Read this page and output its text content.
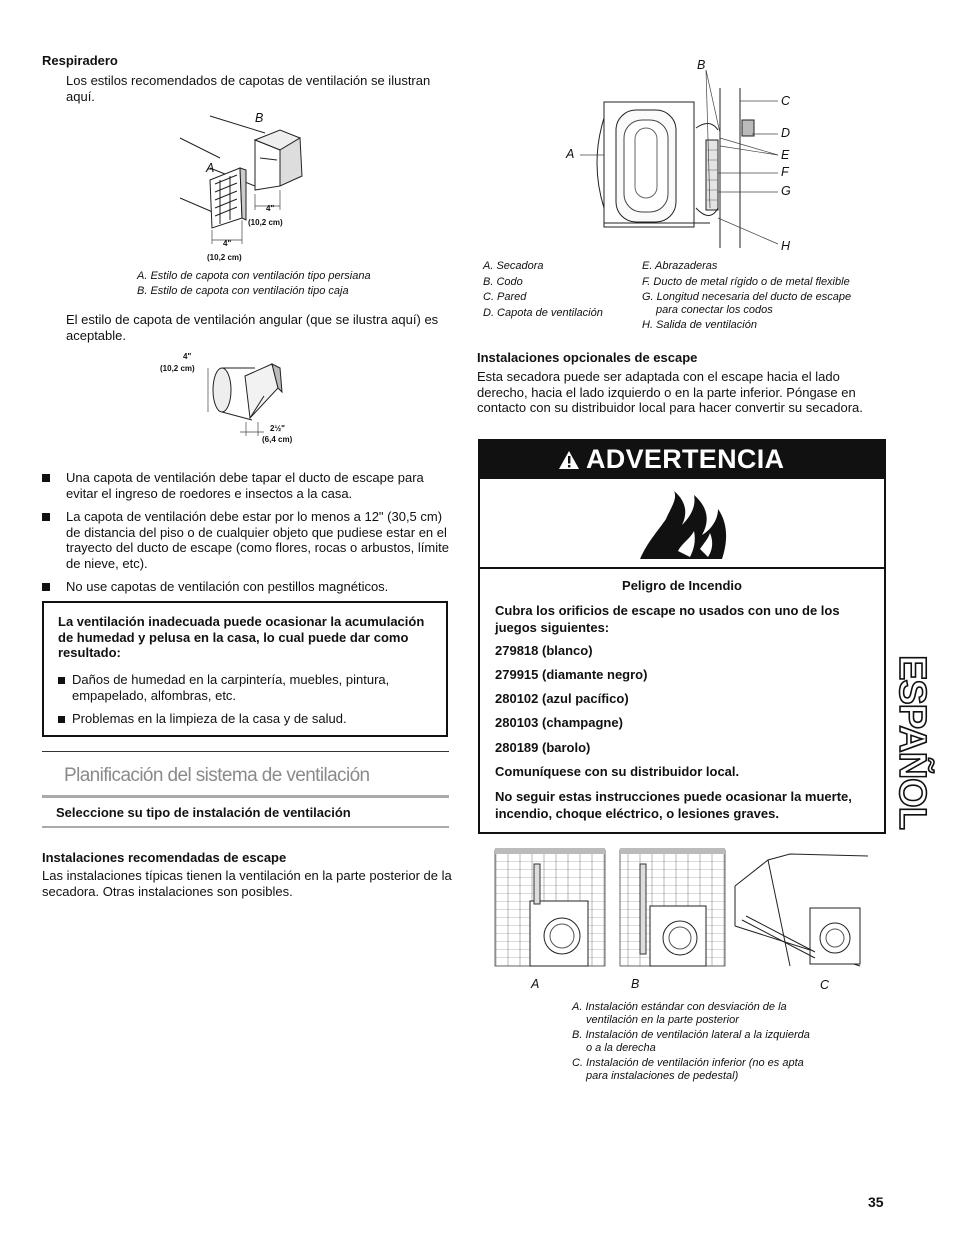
Respiradero
Los estilos recomendados de capotas de ventilación se ilustran aquí.
B
A
4"
(10,2 cm)
4"
(10,2 cm)
A. Estilo de capota con ventilación tipo persiana
B. Estilo de capota con ventilación tipo caja
El estilo de capota de ventilación angular (que se ilustra aquí) es aceptable.
4"
(10,2 cm)
2½"
(6,4 cm)
Una capota de ventilación debe tapar el ducto de escape para evitar el ingreso de roedores e insectos a la casa.
La capota de ventilación debe estar por lo menos a 12" (30,5 cm) de distancia del piso o de cualquier objeto que pudiese estar en el trayecto del ducto de escape (como flores, rocas o arbustos, límite de nieve, etc).
No use capotas de ventilación con pestillos magnéticos.
La ventilación inadecuada puede ocasionar la acumulación de humedad y pelusa en la casa, lo cual puede dar como resultado:
Daños de humedad en la carpintería, muebles, pintura, empapelado, alfombras, etc.
Problemas en la limpieza de la casa y de salud.
Planificación del sistema de ventilación
Seleccione su tipo de instalación de ventilación
Instalaciones recomendadas de escape
Las instalaciones típicas tienen la ventilación en la parte posterior de la secadora. Otras instalaciones son posibles.
B
C
D
E
F
G
H
A
A. Secadora
B. Codo
C. Pared
D. Capota de ventilación
E. Abrazaderas
F. Ducto de metal rígido o de metal flexible
G. Longitud necesaria del ducto de escape
para conectar los codos
H. Salida de ventilación
Instalaciones opcionales de escape
Esta secadora puede ser adaptada con el escape hacia el lado derecho, hacia el lado izquierdo o en la parte inferior. Póngase en contacto con su distribuidor local para hacer convertir su secadora.
ADVERTENCIA
Peligro de Incendio
Cubra los orificios de escape no usados con uno de los juegos siguientes:
279818 (blanco)
279915 (diamante negro)
280102 (azul pacífico)
280103 (champagne)
280189 (barolo)
Comuníquese con su distribuidor local.
No seguir estas instrucciones puede ocasionar la muerte, incendio, choque eléctrico, o lesiones graves.
A	B	C
A. Instalación estándar con desviación de la
ventilación en la parte posterior
B. Instalación de ventilación lateral a la izquierda
o a la derecha
C. Instalación de ventilación inferior (no es apta
para instalaciones de pedestal)
ESPAÑOL
35
